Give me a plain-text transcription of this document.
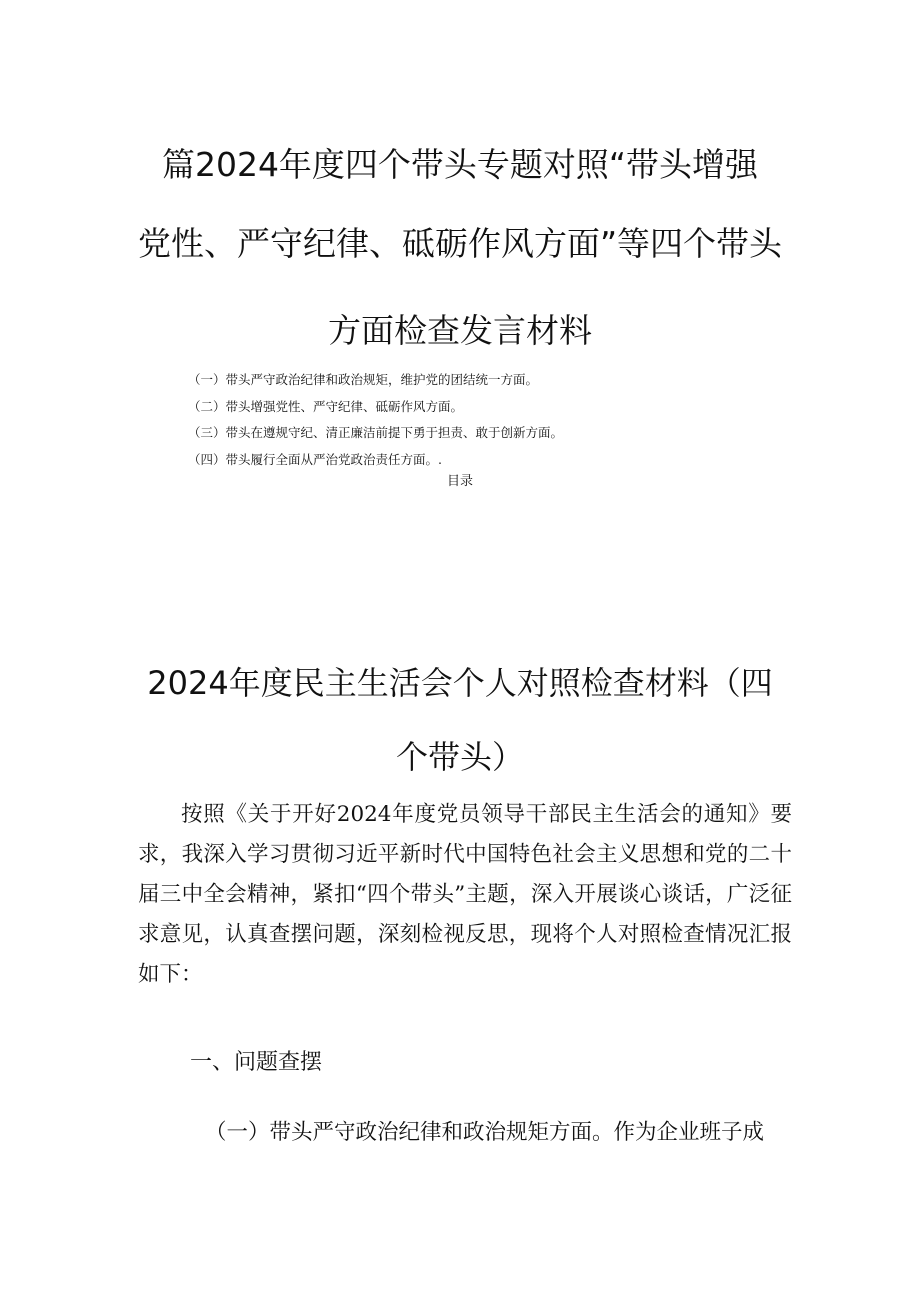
篇2024年度四个带头专题对照“带头增强
党性、严守纪律、砥砺作风方面”等四个带头
方面检查发言材料
（一）带头严守政治纪律和政治规矩，维护党的团结统一方面。
（二）带头增强党性、严守纪律、砥砺作风方面。
（三）带头在遵规守纪、清正廉洁前提下勇于担责、敢于创新方面。
（四）带头履行全面从严治党政治责任方面。.
目录
2024年度民主生活会个人对照检查材料（四
个带头）

按照《关于开好2024年度党员领导干部民主生活会的通知》要求，我深入学习贯彻习近平新时代中国特色社会主义思想和党的二十届三中全会精神，紧扣“四个带头”主题，深入开展谈心谈话，广泛征求意见，认真查摆问题，深刻检视反思，现将个人对照检查情况汇报如下：

一、问题查摆

（一）带头严守政治纪律和政治规矩方面。作为企业班子成
